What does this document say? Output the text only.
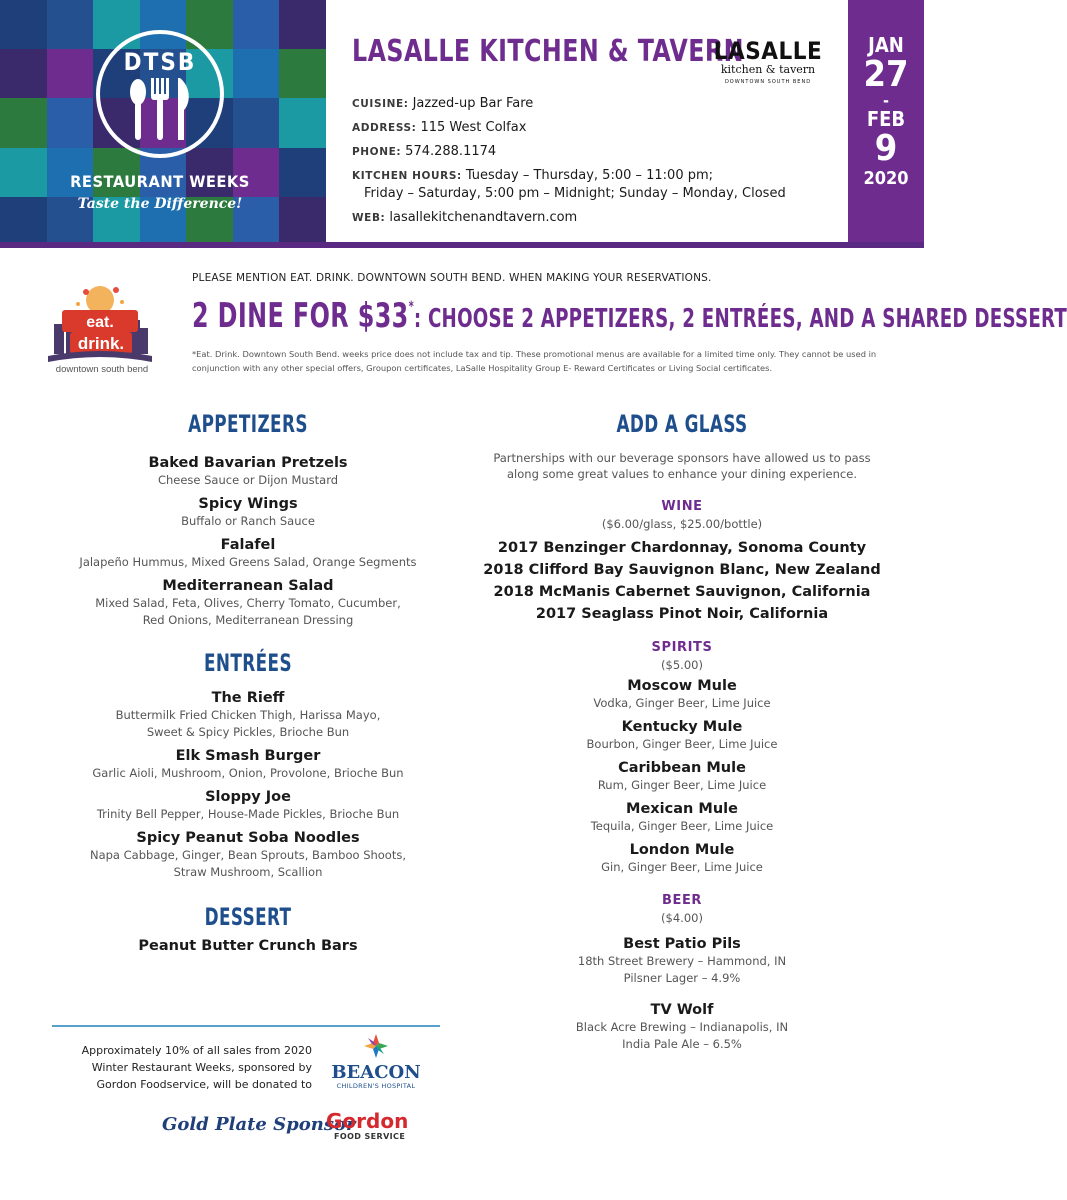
DTSB
RESTAURANT WEEKS
Taste the Difference!
LASALLE KITCHEN & TAVERN
LASALLE
kitchen & tavern
DOWNTOWN SOUTH BEND
CUISINE: Jazzed-up Bar Fare
ADDRESS: 115 West Colfax
PHONE: 574.288.1174
KITCHEN HOURS: Tuesday – Thursday, 5:00 – 11:00 pm;
Friday – Saturday, 5:00 pm – Midnight; Sunday – Monday, Closed
WEB: lasallekitchenandtavern.com
JAN
27
-
FEB
9
2020
eat.
drink.
downtown south bend
PLEASE MENTION EAT. DRINK. DOWNTOWN SOUTH BEND. WHEN MAKING YOUR RESERVATIONS.
2 DINE FOR $33*: CHOOSE 2 APPETIZERS, 2 ENTRÉES, AND A SHARED DESSERT
*Eat. Drink. Downtown South Bend. weeks price does not include tax and tip. These promotional menus are available for a limited time only. They cannot be used in conjunction with any other special offers, Groupon certificates, LaSalle Hospitality Group E- Reward Certificates or Living Social certificates.
APPETIZERS
Baked Bavarian Pretzels
Cheese Sauce or Dijon Mustard
Spicy Wings
Buffalo or Ranch Sauce
Falafel
Jalapeño Hummus, Mixed Greens Salad, Orange Segments
Mediterranean Salad
Mixed Salad, Feta, Olives, Cherry Tomato, Cucumber,
Red Onions, Mediterranean Dressing
ENTRÉES
The Rieff
Buttermilk Fried Chicken Thigh, Harissa Mayo,
Sweet & Spicy Pickles, Brioche Bun
Elk Smash Burger
Garlic Aioli, Mushroom, Onion, Provolone, Brioche Bun
Sloppy Joe
Trinity Bell Pepper, House-Made Pickles, Brioche Bun
Spicy Peanut Soba Noodles
Napa Cabbage, Ginger, Bean Sprouts, Bamboo Shoots,
Straw Mushroom, Scallion
DESSERT
Peanut Butter Crunch Bars
ADD A GLASS
Partnerships with our beverage sponsors have allowed us to pass
along some great values to enhance your dining experience.
WINE
($6.00/glass, $25.00/bottle)
2017 Benzinger Chardonnay, Sonoma County
2018 Clifford Bay Sauvignon Blanc, New Zealand
2018 McManis Cabernet Sauvignon, California
2017 Seaglass Pinot Noir, California
SPIRITS
($5.00)
Moscow Mule
Vodka, Ginger Beer, Lime Juice
Kentucky Mule
Bourbon, Ginger Beer, Lime Juice
Caribbean Mule
Rum, Ginger Beer, Lime Juice
Mexican Mule
Tequila, Ginger Beer, Lime Juice
London Mule
Gin, Ginger Beer, Lime Juice
BEER
($4.00)
Best Patio Pils
18th Street Brewery – Hammond, IN
Pilsner Lager – 4.9%
TV Wolf
Black Acre Brewing – Indianapolis, IN
India Pale Ale – 6.5%
Approximately 10% of all sales from 2020
Winter Restaurant Weeks, sponsored by
Gordon Foodservice, will be donated to
BEACON
CHILDREN'S HOSPITAL
Gold Plate Sponsor
Gordon
FOOD SERVICE
